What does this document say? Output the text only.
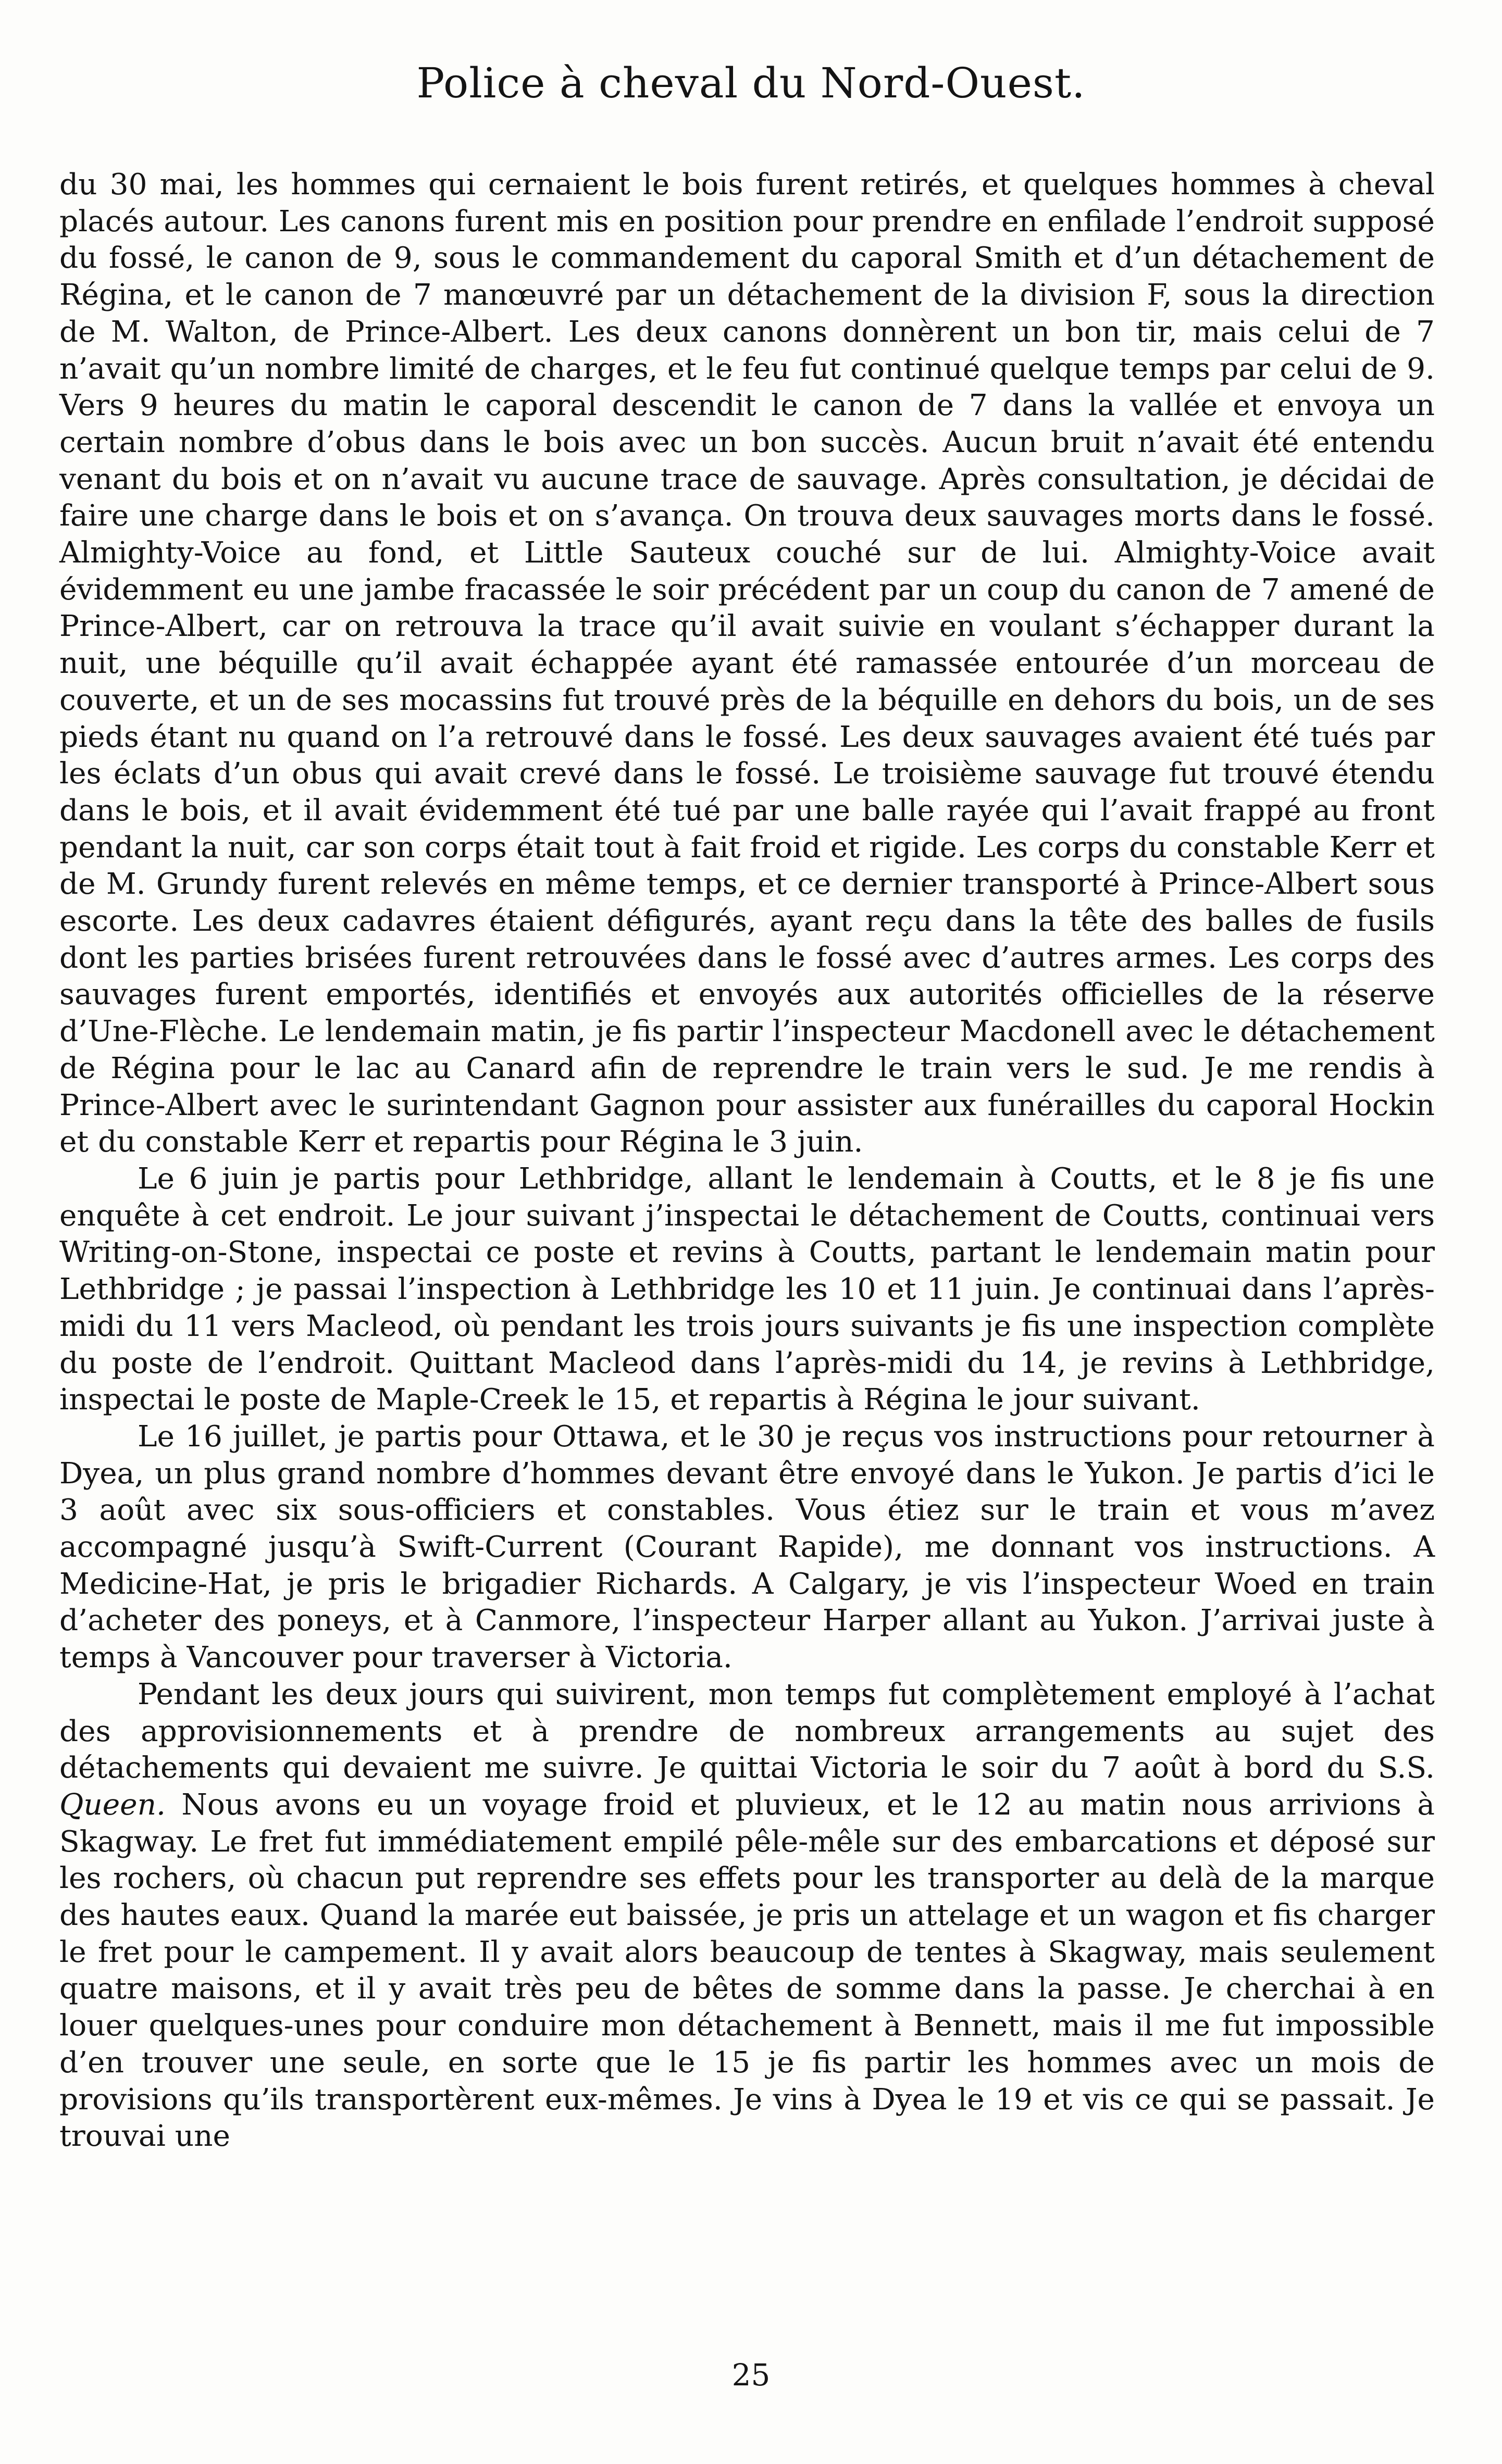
Police à cheval du Nord-Ouest.

du 30 mai, les hommes qui cernaient le bois furent retirés, et quelques hommes à cheval placés autour. Les canons furent mis en position pour prendre en enfilade l’endroit supposé du fossé, le canon de 9, sous le commandement du caporal Smith et d’un détachement de Régina, et le canon de 7 manœuvré par un détachement de la division F, sous la direction de M. Walton, de Prince-Albert. Les deux canons donnèrent un bon tir, mais celui de 7 n’avait qu’un nombre limité de charges, et le feu fut continué quelque temps par celui de 9. Vers 9 heures du matin le caporal descendit le canon de 7 dans la vallée et envoya un certain nombre d’obus dans le bois avec un bon succès. Aucun bruit n’avait été entendu venant du bois et on n’avait vu aucune trace de sauvage. Après consultation, je décidai de faire une charge dans le bois et on s’avança. On trouva deux sauvages morts dans le fossé. Almighty-Voice au fond, et Little Sauteux couché sur de lui. Almighty-Voice avait évidemment eu une jambe fracassée le soir précédent par un coup du canon de 7 amené de Prince-Albert, car on retrouva la trace qu’il avait suivie en voulant s’échapper durant la nuit, une béquille qu’il avait échappée ayant été ramassée entourée d’un morceau de couverte, et un de ses mocassins fut trouvé près de la béquille en dehors du bois, un de ses pieds étant nu quand on l’a retrouvé dans le fossé. Les deux sauvages avaient été tués par les éclats d’un obus qui avait crevé dans le fossé. Le troisième sauvage fut trouvé étendu dans le bois, et il avait évidemment été tué par une balle rayée qui l’avait frappé au front pendant la nuit, car son corps était tout à fait froid et rigide. Les corps du constable Kerr et de M. Grundy furent relevés en même temps, et ce dernier transporté à Prince-Albert sous escorte. Les deux cadavres étaient défigurés, ayant reçu dans la tête des balles de fusils dont les parties brisées furent retrouvées dans le fossé avec d’autres armes. Les corps des sauvages furent emportés, identifiés et envoyés aux autorités officielles de la réserve d’Une-Flèche. Le lendemain matin, je fis partir l’inspecteur Macdonell avec le détachement de Régina pour le lac au Canard afin de reprendre le train vers le sud. Je me rendis à Prince-Albert avec le surintendant Gagnon pour assister aux funérailles du caporal Hockin et du constable Kerr et repartis pour Régina le 3 juin.

Le 6 juin je partis pour Lethbridge, allant le lendemain à Coutts, et le 8 je fis une enquête à cet endroit. Le jour suivant j’inspectai le détachement de Coutts, continuai vers Writing-on-Stone, inspectai ce poste et revins à Coutts, partant le lendemain matin pour Lethbridge ; je passai l’inspection à Lethbridge les 10 et 11 juin. Je continuai dans l’après-midi du 11 vers Macleod, où pendant les trois jours suivants je fis une inspection complète du poste de l’endroit. Quittant Macleod dans l’après-midi du 14, je revins à Lethbridge, inspectai le poste de Maple-Creek le 15, et repartis à Régina le jour suivant.

Le 16 juillet, je partis pour Ottawa, et le 30 je reçus vos instructions pour retourner à Dyea, un plus grand nombre d’hommes devant être envoyé dans le Yukon. Je partis d’ici le 3 août avec six sous-officiers et constables. Vous étiez sur le train et vous m’avez accompagné jusqu’à Swift-Current (Courant Rapide), me donnant vos instructions. A Medicine-Hat, je pris le brigadier Richards. A Calgary, je vis l’inspecteur Woed en train d’acheter des poneys, et à Canmore, l’inspecteur Harper allant au Yukon. J’arrivai juste à temps à Vancouver pour traverser à Victoria.

Pendant les deux jours qui suivirent, mon temps fut complètement employé à l’achat des approvisionnements et à prendre de nombreux arrangements au sujet des détachements qui devaient me suivre. Je quittai Victoria le soir du 7 août à bord du S.S. Queen. Nous avons eu un voyage froid et pluvieux, et le 12 au matin nous arrivions à Skagway. Le fret fut immédiatement empilé pêle-mêle sur des embarcations et déposé sur les rochers, où chacun put reprendre ses effets pour les transporter au delà de la marque des hautes eaux. Quand la marée eut baissée, je pris un attelage et un wagon et fis charger le fret pour le campement. Il y avait alors beaucoup de tentes à Skagway, mais seulement quatre maisons, et il y avait très peu de bêtes de somme dans la passe. Je cherchai à en louer quelques-unes pour conduire mon détachement à Bennett, mais il me fut impossible d’en trouver une seule, en sorte que le 15 je fis partir les hommes avec un mois de provisions qu’ils transportèrent eux-mêmes. Je vins à Dyea le 19 et vis ce qui se passait. Je trouvai une

25
